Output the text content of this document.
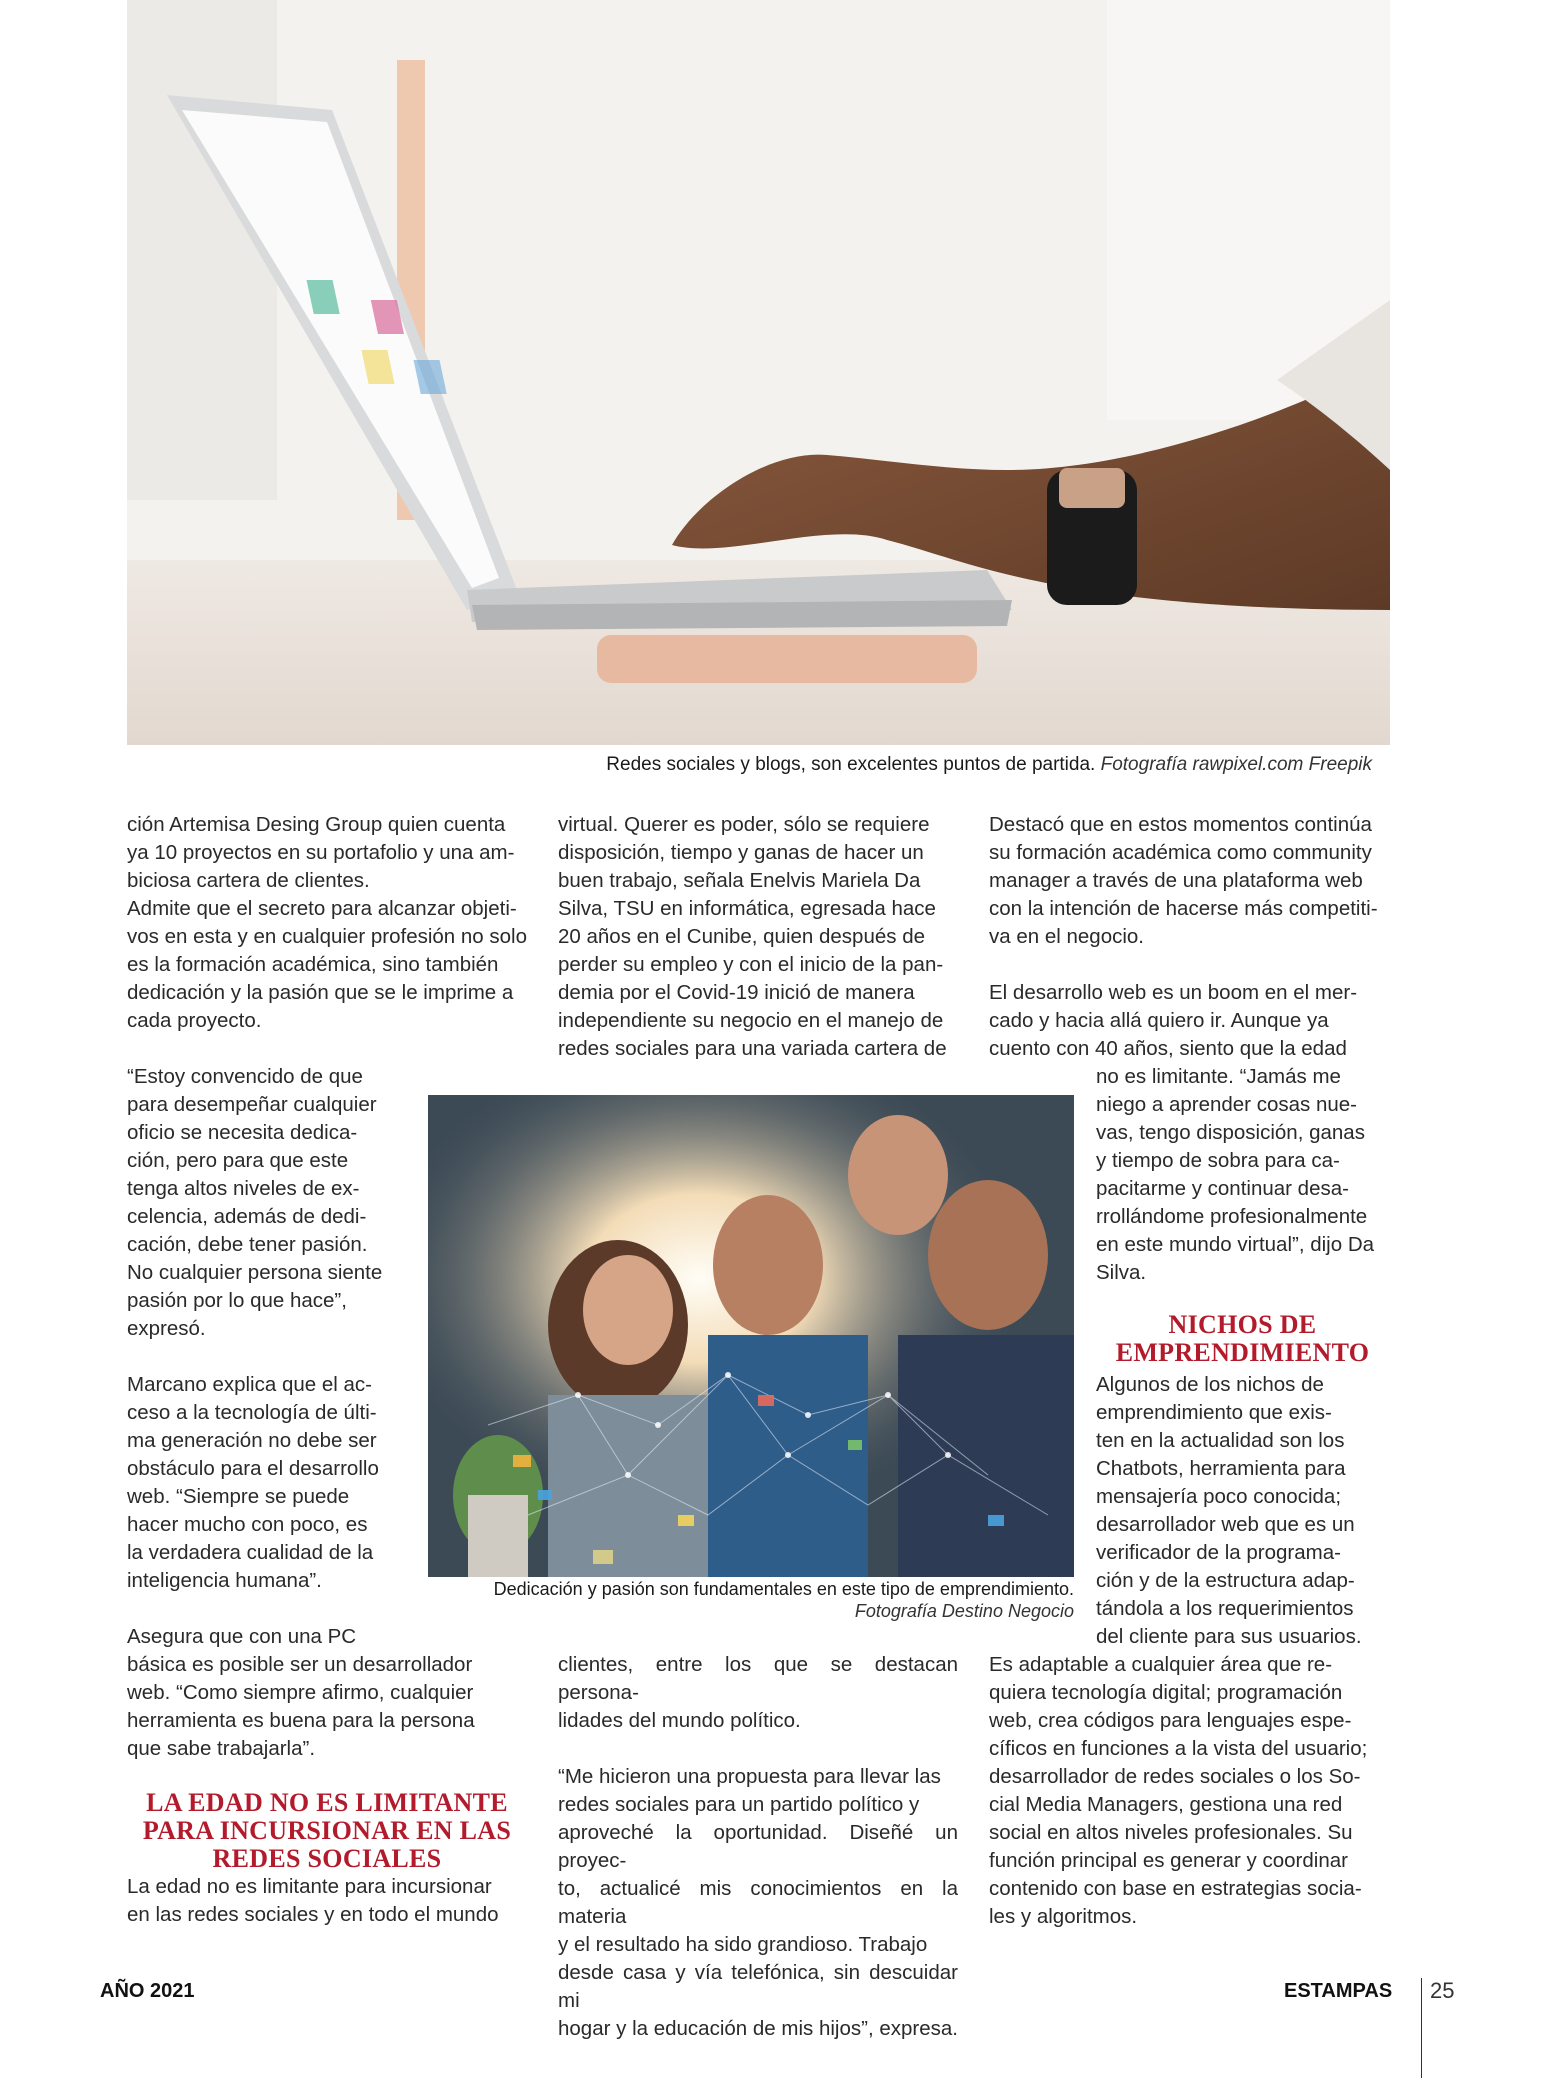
Redes sociales y blogs, son excelentes puntos de partida. Fotografía rawpixel.com Freepik

ción Artemisa Desing Group quien cuenta
ya 10 proyectos en su portafolio y una am-
biciosa cartera de clientes.

Admite que el secreto para alcanzar objeti-
vos en esta y en cualquier profesión no solo
es la formación académica, sino también
dedicación y la pasión que se le imprime a
cada proyecto.

“Estoy convencido de que
para desempeñar cualquier
oficio se necesita dedica-
ción, pero para que este
tenga altos niveles de ex-
celencia, además de dedi-
cación, debe tener pasión.
No cualquier persona siente
pasión por lo que hace”,
expresó.

Marcano explica que el ac-
ceso a la tecnología de últi-
ma generación no debe ser
obstáculo para el desarrollo
web. “Siempre se puede
hacer mucho con poco, es
la verdadera cualidad de la
inteligencia humana”.

Asegura que con una PC
básica es posible ser un desarrollador
web. “Como siempre afirmo, cualquier
herramienta es buena para la persona
que sabe trabajarla”.

LA EDAD NO ES LIMITANTE
PARA INCURSIONAR EN LAS
REDES SOCIALES

La edad no es limitante para incursionar
en las redes sociales y en todo el mundo

virtual. Querer es poder, sólo se requiere
disposición, tiempo y ganas de hacer un
buen trabajo, señala Enelvis Mariela Da
Silva, TSU en informática, egresada hace
20 años en el Cunibe, quien después de
perder su empleo y con el inicio de la pan-
demia por el Covid-19 inició de manera
independiente su negocio en el manejo de
redes sociales para una variada cartera de

Dedicación y pasión son fundamentales en este tipo de emprendimiento.
Fotografía Destino Negocio

clientes, entre los que se destacan persona-
lidades del mundo político.

“Me hicieron una propuesta para llevar las
redes sociales para un partido político y
aproveché la oportunidad. Diseñé un proyec-
to, actualicé mis conocimientos en la materia
y el resultado ha sido grandioso. Trabajo
desde casa y vía telefónica, sin descuidar mi
hogar y la educación de mis hijos”, expresa.

Destacó que en estos momentos continúa
su formación académica como community
manager a través de una plataforma web
con la intención de hacerse más competiti-
va en el negocio.

El desarrollo web es un boom en el mer-
cado y hacia allá quiero ir. Aunque ya
cuento con 40 años, siento que la edad

no es limitante. “Jamás me
niego a aprender cosas nue-
vas, tengo disposición, ganas
y tiempo de sobra para ca-
pacitarme y continuar desa-
rrollándome profesionalmente
en este mundo virtual”, dijo Da
Silva.

NICHOS DE
EMPRENDIMIENTO

Algunos de los nichos de
emprendimiento que exis-
ten en la actualidad son los
Chatbots, herramienta para
mensajería poco conocida;
desarrollador web que es un
verificador de la programa-
ción y de la estructura adap-
tándola a los requerimientos
del cliente para sus usuarios.

Es adaptable a cualquier área que re-
quiera tecnología digital; programación
web, crea códigos para lenguajes espe-
cíficos en funciones a la vista del usuario;
desarrollador de redes sociales o los So-
cial Media Managers, gestiona una red
social en altos niveles profesionales. Su
función principal es generar y coordinar
contenido con base en estrategias socia-
les y algoritmos.

AÑO 2021	ESTAMPAS 25
